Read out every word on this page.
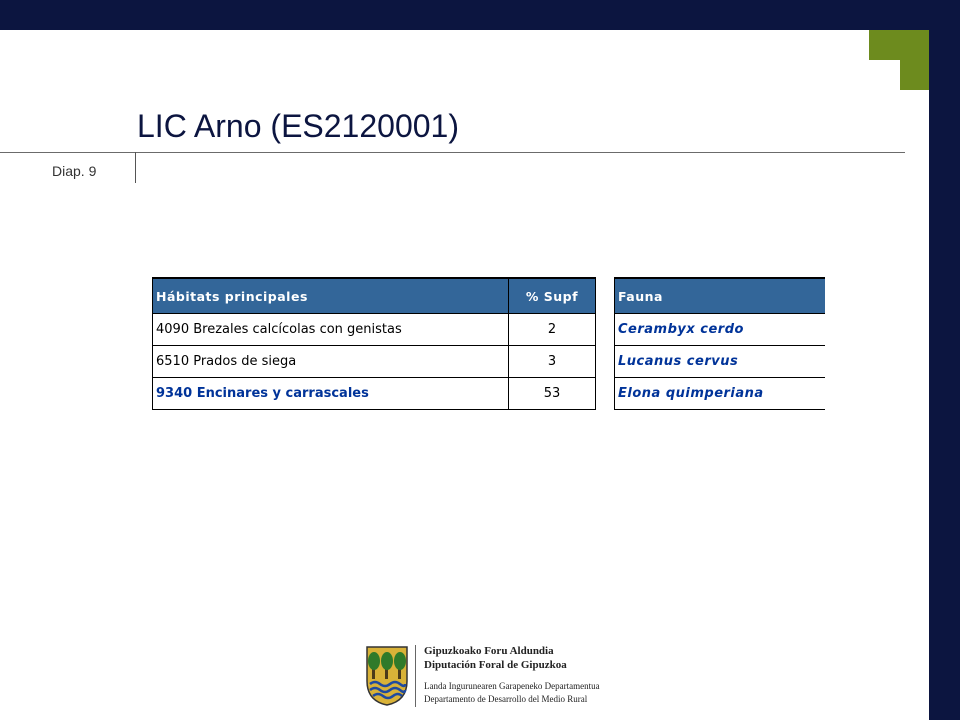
LIC Arno (ES2120001)
Diap. 9
Hábitats principales	% Supf
4090 Brezales calcícolas con genistas	2
6510 Prados de siega	3
9340 Encinares y carrascales	53
Fauna
Cerambyx cerdo
Lucanus cervus
Elona quimperiana
Gipuzkoako Foru Aldundia
Diputación Foral de Gipuzkoa
Landa Ingurunearen Garapeneko Departamentua
Departamento de Desarrollo del Medio Rural
